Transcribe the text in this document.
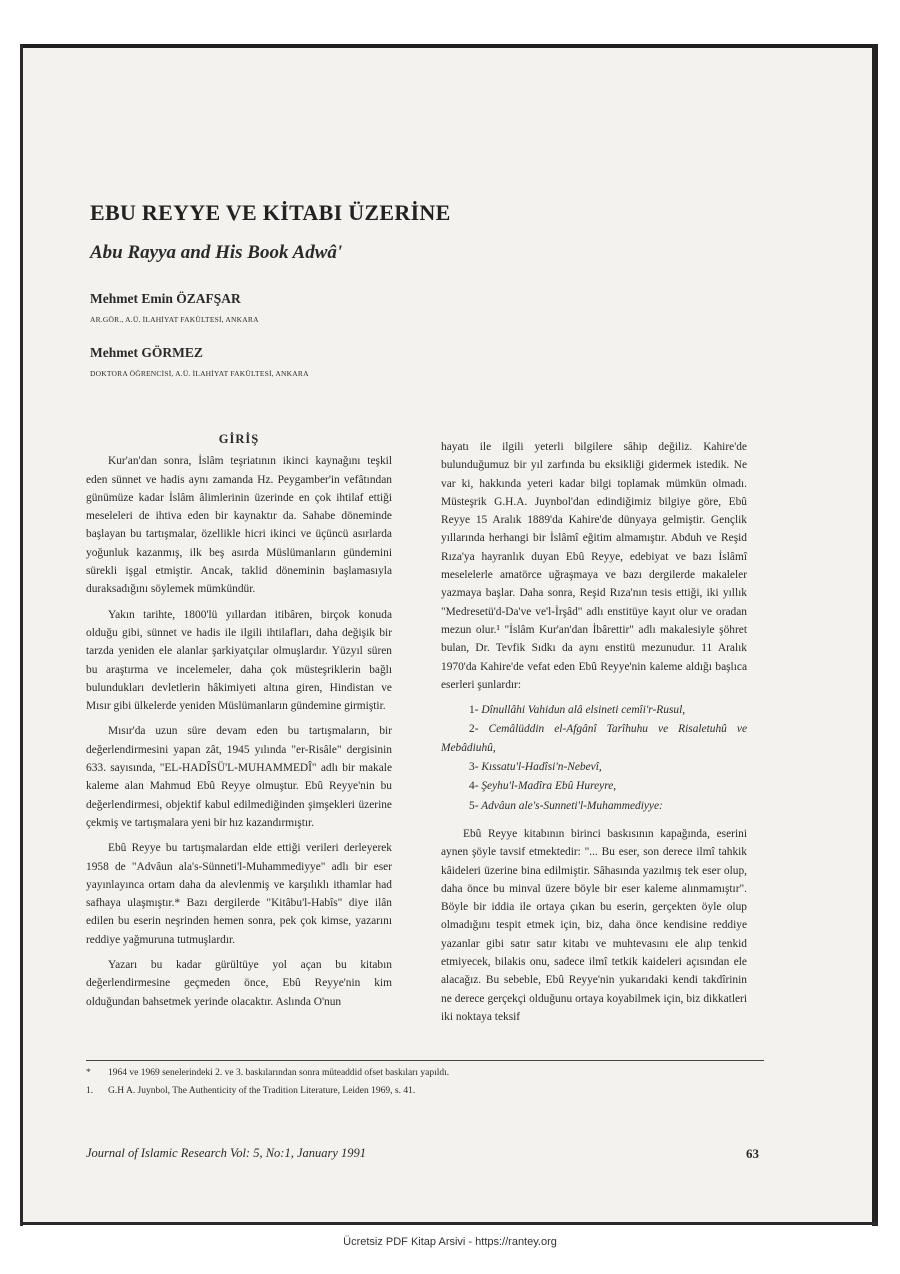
EBU REYYE VE KİTABI ÜZERİNE
Abu Rayya and His Book Adwâ'
Mehmet Emin ÖZAFŞAR
AR.GÖR., A.Ü. İLAHİYAT FAKÜLTESİ, ANKARA
Mehmet GÖRMEZ
DOKTORA ÖĞRENCİSİ, A.Ü. İLAHİYAT FAKÜLTESİ, ANKARA
GİRİŞ

Kur'an'dan sonra, İslâm teşriatının ikinci kaynağını teşkil eden sünnet ve hadis aynı zamanda Hz. Peygamber'in vefâtından günümüze kadar İslâm âlimlerinin üzerinde en çok ihtilaf ettiği meseleleri de ihtiva eden bir kaynaktır da. Sahabe döneminde başlayan bu tartışmalar, özellikle hicri ikinci ve üçüncü asırlarda yoğunluk kazanmış, ilk beş asırda Müslümanların gündemini sürekli işgal etmiştir. Ancak, taklid döneminin başlamasıyla duraksadığını söylemek mümkündür.

Yakın tarihte, 1800'lü yıllardan itibâren, birçok konuda olduğu gibi, sünnet ve hadis ile ilgili ihtilafları, daha değişik bir tarzda yeniden ele alanlar şarkiyatçılar olmuşlardır. Yüzyıl süren bu araştırma ve incelemeler, daha çok müsteşriklerin bağlı bulundukları devletlerin hâkimiyeti altına giren, Hindistan ve Mısır gibi ülkelerde yeniden Müslümanların gündemine girmiştir.

Mısır'da uzun süre devam eden bu tartışmaların, bir değerlendirmesini yapan zât, 1945 yılında "er-Risâle" dergisinin 633. sayısında, "EL-HADÎSÜ'L-MUHAMMEDÎ" adlı bir makale kaleme alan Mahmud Ebû Reyye olmuştur. Ebû Reyye'nin bu değerlendirmesi, objektif kabul edilmediğinden şimşekleri üzerine çekmiş ve tartışmalara yeni bir hız kazandırmıştır.

Ebû Reyye bu tartışmalardan elde ettiği verileri derleyerek 1958 de "Advâun ala's-Sünneti'l-Muhammediyye" adlı bir eser yayınlayınca ortam daha da alevlenmiş ve karşılıklı ithamlar had safhaya ulaşmıştır.* Bazı dergilerde "Kitâbu'l-Habîs" diye ilân edilen bu eserin neşrinden hemen sonra, pek çok kimse, yazarını reddiye yağmuruna tutmuşlardır.

Yazarı bu kadar gürültüye yol açan bu kitabın değerlendirmesine geçmeden önce, Ebû Reyye'nin kim olduğundan bahsetmek yerinde olacaktır. Aslında O'nun

hayatı ile ilgili yeterli bilgilere sâhip değiliz. Kahire'de bulunduğumuz bir yıl zarfında bu eksikliği gidermek istedik. Ne var ki, hakkında yeteri kadar bilgi toplamak mümkün olmadı. Müsteşrik G.H.A. Juynbol'dan edindiğimiz bilgiye göre, Ebû Reyye 15 Aralık 1889'da Kahire'de dünyaya gelmiştir. Gençlik yıllarında herhangi bir İslâmî eğitim almamıştır. Abduh ve Reşid Rıza'ya hayranlık duyan Ebû Reyye, edebiyat ve bazı İslâmî meselelerle amatörce uğraşmaya ve bazı dergilerde makaleler yazmaya başlar. Daha sonra, Reşid Rıza'nın tesis ettiği, iki yıllık "Medresetü'd-Da've ve'l-İrşâd" adlı enstitüye kayıt olur ve oradan mezun olur.¹ "İslâm Kur'an'dan İbârettir" adlı makalesiyle şöhret bulan, Dr. Tevfik Sıdkı da aynı enstitü mezunudur. 11 Aralık 1970'da Kahire'de vefat eden Ebû Reyye'nin kaleme aldığı başlıca eserleri şunlardır:

1- Dînullâhi Vahidun alâ elsineti cemîi'r-Rusul,
2- Cemâlüddin el-Afgânî Tarîhuhu ve Risaletuhû ve Mebâdiuhû,
3- Kıssatu'l-Hadîsi'n-Nebevî,
4- Şeyhu'l-Madîra Ebû Hureyre,
5- Advâun ale's-Sunneti'l-Muhammediyye:

Ebû Reyye kitabının birinci baskısının kapağında, eserini aynen şöyle tavsif etmektedir: "... Bu eser, son derece ilmî tahkik kâideleri üzerine bina edilmiştir. Sâhasında yazılmış tek eser olup, daha önce bu minval üzere böyle bir eser kaleme alınmamıştır". Böyle bir iddia ile ortaya çıkan bu eserin, gerçekten öyle olup olmadığını tespit etmek için, biz, daha önce kendisine reddiye yazanlar gibi satır satır kitabı ve muhtevasını ele alıp tenkid etmiyecek, bilakis onu, sadece ilmî tetkik kaideleri açısından ele alacağız. Bu sebeble, Ebû Reyye'nin yukarıdaki kendi takdîrinin ne derece gerçekçi olduğunu ortaya koyabilmek için, biz dikkatleri iki noktaya teksif

* 1964 ve 1969 senelerindeki 2. ve 3. baskılarından sonra müteaddid ofset baskıları yapıldı.
1. G.H A. Juynbol, The Authenticity of the Tradition Literature, Leiden 1969, s. 41.
Journal of Islamic Research Vol: 5, No:1, January 1991	63
Ücretsiz PDF Kitap Arsivi - https://rantey.org
